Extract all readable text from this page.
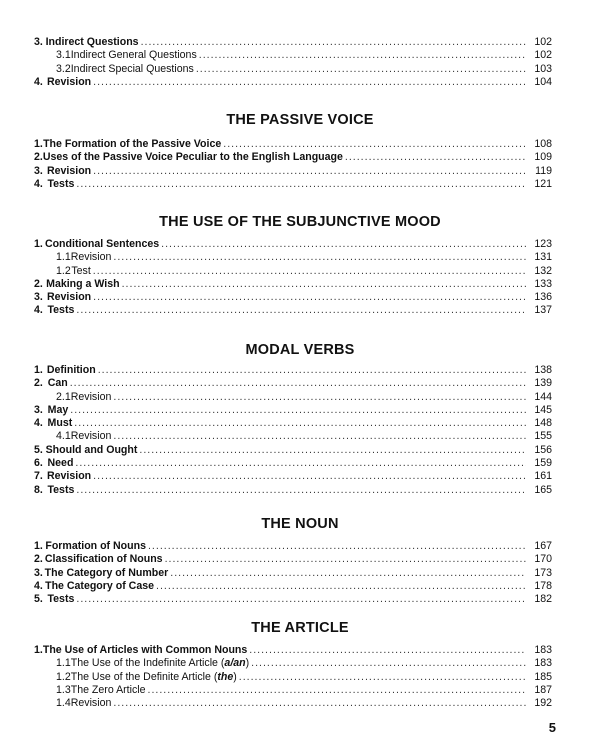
3. Indirect Questions .....	102
3.1 Indirect General Questions .....	102
3.2 Indirect Special Questions .....	103
4. Revision .....	104
THE PASSIVE VOICE
1. The Formation of the Passive Voice .....	108
2. Uses of the Passive Voice Peculiar to the English Language .....	109
3. Revision .....	119
4. Tests .....	121
THE USE OF THE SUBJUNCTIVE MOOD
1. Conditional Sentences .....	123
1.1 Revision .....	131
1.2 Test .....	132
2. Making a Wish .....	133
3. Revision .....	136
4. Tests .....	137
MODAL VERBS
1. Definition .....	138
2. Can .....	139
2.1 Revision .....	144
3. May .....	145
4. Must .....	148
4.1 Revision .....	155
5. Should and Ought .....	156
6. Need .....	159
7. Revision .....	161
8. Tests .....	165
THE NOUN
1. Formation of Nouns .....	167
2. Classification of Nouns .....	170
3. The Category of Number .....	173
4. The Category of Case .....	178
5. Tests .....	182
THE ARTICLE
1. The Use of Articles with Common Nouns .....	183
1.1 The Use of the Indefinite Article (a/an) .....	183
1.2 The Use of the Definite Article (the) .....	185
1.3 The Zero Article .....	187
1.4 Revision .....	192
5
